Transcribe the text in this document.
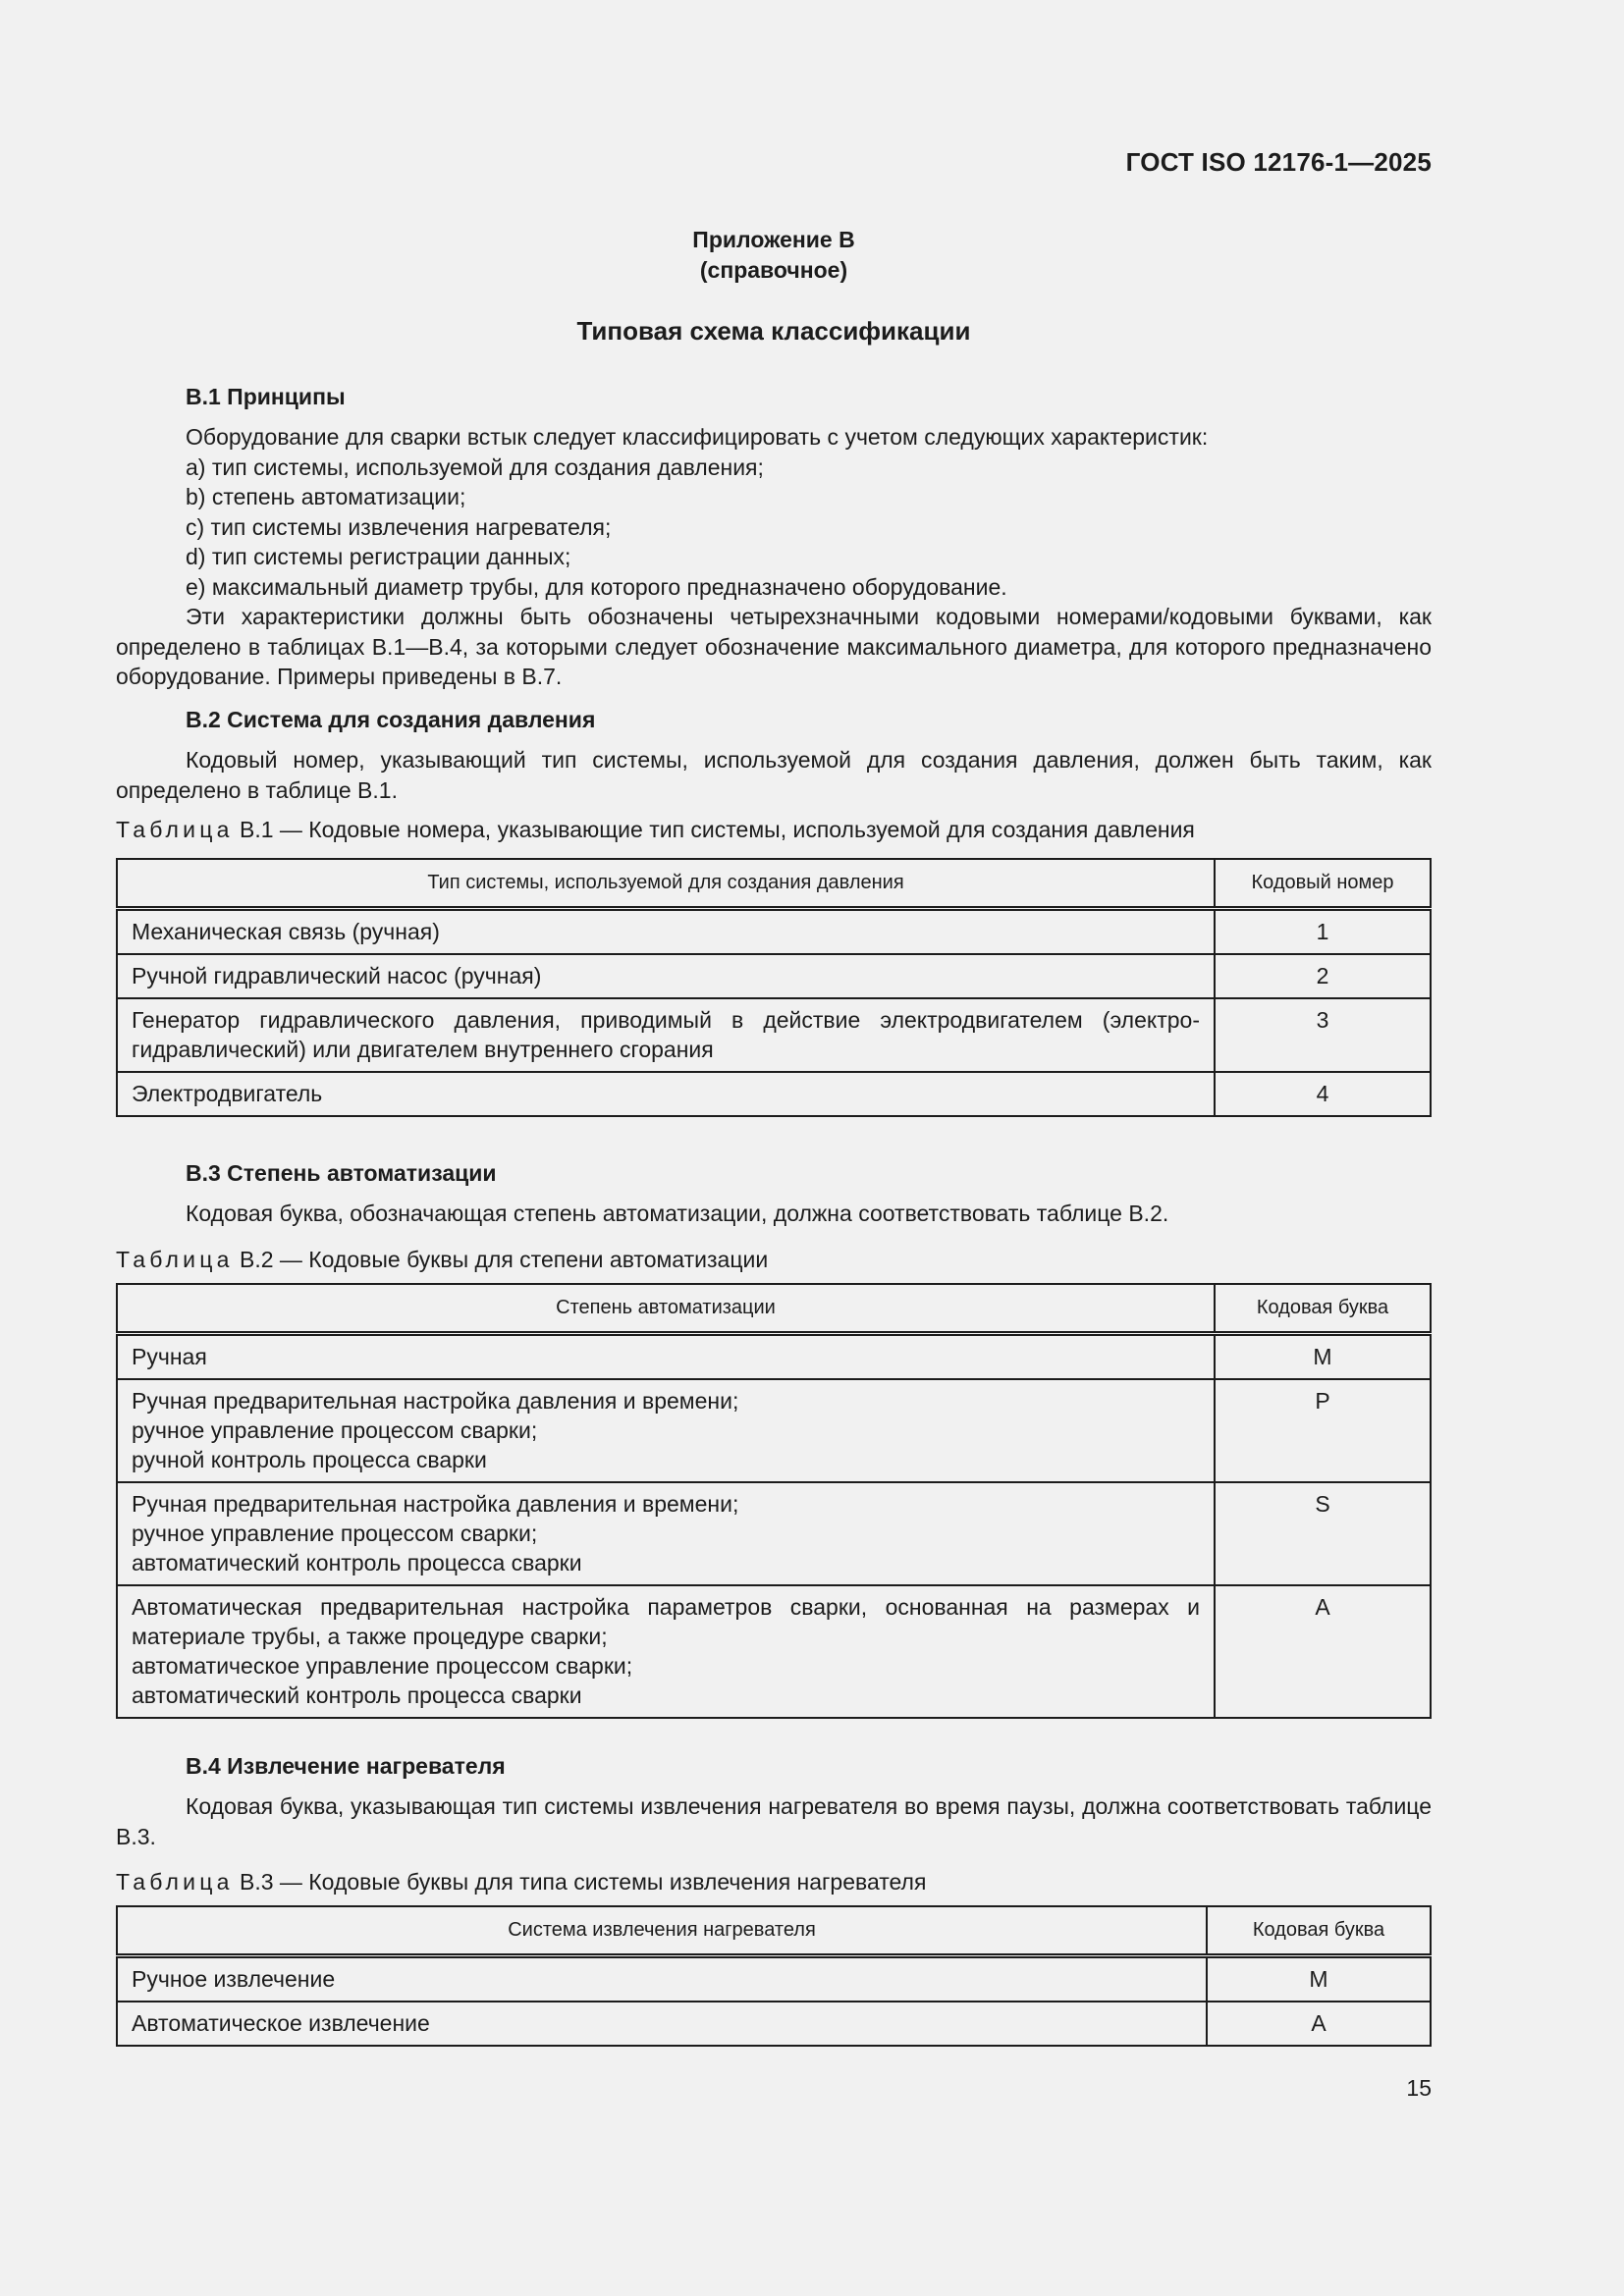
ГОСТ ISO 12176-1—2025
Приложение B
(справочное)
Типовая схема классификации
B.1 Принципы
Оборудование для сварки встык следует классифицировать с учетом следующих характеристик:
a) тип системы, используемой для создания давления;
b) степень автоматизации;
c) тип системы извлечения нагревателя;
d) тип системы регистрации данных;
e) максимальный диаметр трубы, для которого предназначено оборудование.
Эти характеристики должны быть обозначены четырехзначными кодовыми номерами/кодовыми буквами, как определено в таблицах B.1—B.4, за которыми следует обозначение максимального диаметра, для которого предназначено оборудование. Примеры приведены в B.7.
B.2 Система для создания давления
Кодовый номер, указывающий тип системы, используемой для создания давления, должен быть таким, как определено в таблице B.1.
Таблица B.1 — Кодовые номера, указывающие тип системы, используемой для создания давления
Тип системы, используемой для создания давления	Кодовый номер
Механическая связь (ручная)	1
Ручной гидравлический насос (ручная)	2
Генератор гидравлического давления, приводимый в действие электродвигателем (электрогидравлический) или двигателем внутреннего сгорания	3
Электродвигатель	4
B.3 Степень автоматизации
Кодовая буква, обозначающая степень автоматизации, должна соответствовать таблице B.2.
Таблица B.2 — Кодовые буквы для степени автоматизации
Степень автоматизации	Кодовая буква

Ручная	M

Ручная предварительная настройка давления и времени;
ручное управление процессом сварки;
ручной контроль процесса сварки	P

Ручная предварительная настройка давления и времени;
ручное управление процессом сварки;
автоматический контроль процесса сварки	S

Автоматическая предварительная настройка параметров сварки, основанная на размерах и материале трубы, а также процедуре сварки;
автоматическое управление процессом сварки;
автоматический контроль процесса сварки	A
B.4 Извлечение нагревателя
Кодовая буква, указывающая тип системы извлечения нагревателя во время паузы, должна соответствовать таблице B.3.
Таблица B.3 — Кодовые буквы для типа системы извлечения нагревателя
Система извлечения нагревателя	Кодовая буква
Ручное извлечение	M
Автоматическое извлечение	A
15
